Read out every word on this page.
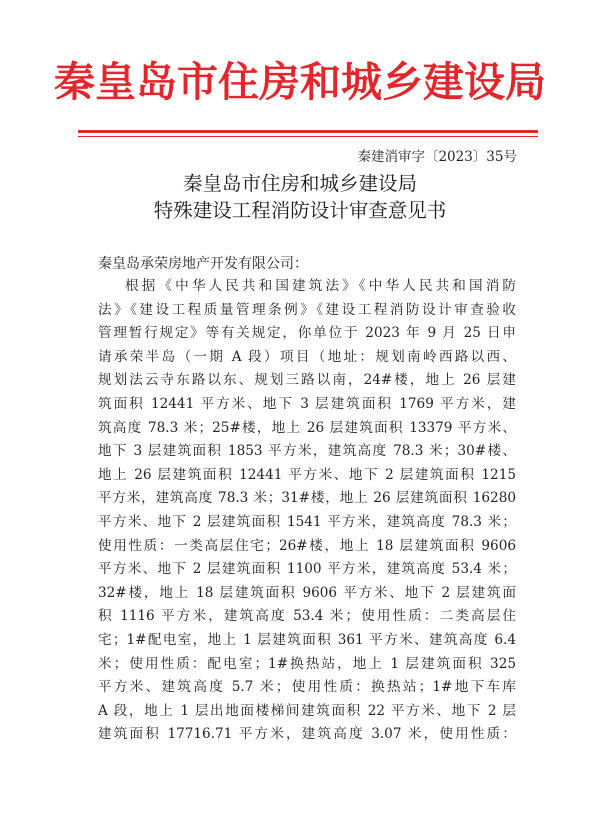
秦皇岛市住房和城乡建设局
秦建消审字〔2023〕35号
秦皇岛市住房和城乡建设局
特殊建设工程消防设计审查意见书
秦皇岛承荣房地产开发有限公司：
根据《中华人民共和国建筑法》《中华人民共和国消防
法》《建设工程质量管理条例》《建设工程消防设计审查验收
管理暂行规定》等有关规定，你单位于 2023 年 9 月 25 日申
请承荣半岛（一期 A 段）项目（地址：规划南岭西路以西、
规划法云寺东路以东、规划三路以南，24#楼，地上 26 层建
筑面积 12441 平方米、地下 3 层建筑面积 1769 平方米，建
筑高度 78.3 米；25#楼，地上 26 层建筑面积 13379 平方米、
地下 3 层建筑面积 1853 平方米，建筑高度 78.3 米；30#楼、
地上 26 层建筑面积 12441 平方米、地下 2 层建筑面积 1215
平方米，建筑高度 78.3 米；31#楼，地上 26 层建筑面积 16280
平方米、地下 2 层建筑面积 1541 平方米，建筑高度 78.3 米；
使用性质：一类高层住宅；26#楼，地上 18 层建筑面积 9606
平方米、地下 2 层建筑面积 1100 平方米，建筑高度 53.4 米；
32#楼，地上 18 层建筑面积 9606 平方米、地下 2 层建筑面
积 1116 平方米，建筑高度 53.4 米；使用性质：二类高层住
宅；1#配电室，地上 1 层建筑面积 361 平方米、建筑高度 6.4
米；使用性质：配电室；1#换热站，地上 1 层建筑面积 325
平方米、建筑高度 5.7 米；使用性质：换热站；1#地下车库
A 段，地上 1 层出地面楼梯间建筑面积 22 平方米、地下 2 层
建筑面积 17716.71 平方米，建筑高度 3.07 米，使用性质：
